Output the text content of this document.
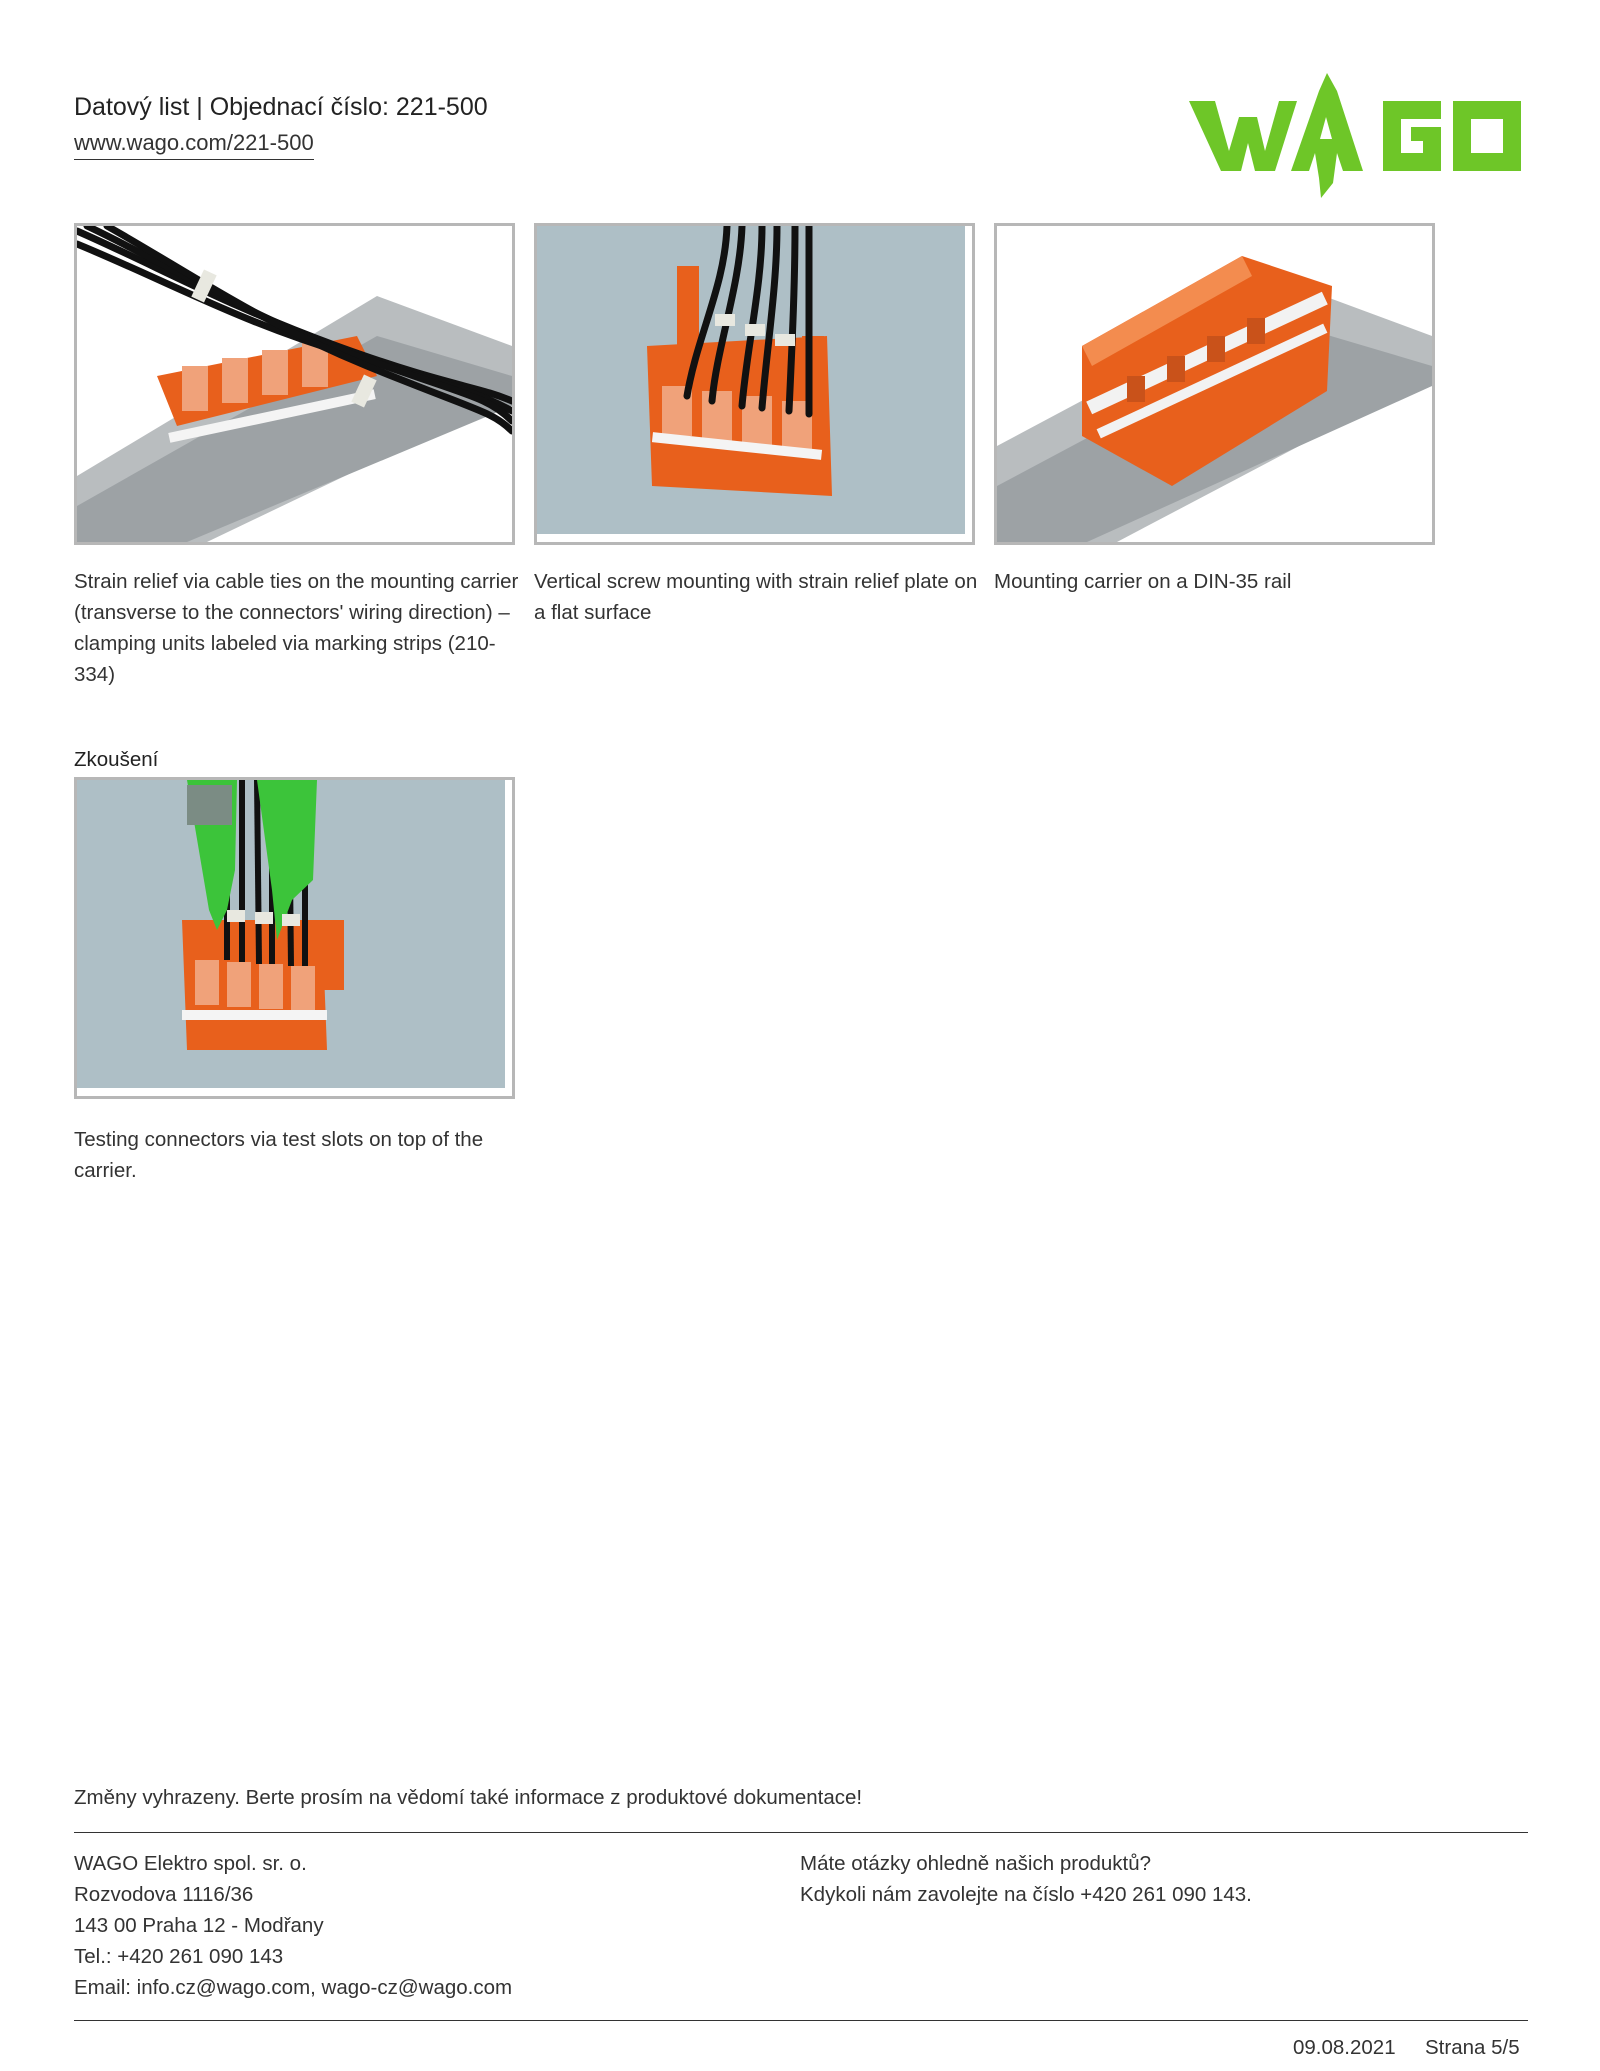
Datový list | Objednací číslo: 221-500
www.wago.com/221-500
Strain relief via cable ties on the mounting carrier (transverse to the connectors' wiring direction) – clamping units labeled via marking strips (210-334)
Vertical screw mounting with strain relief plate on a flat surface
Mounting carrier on a DIN-35 rail
Zkoušení
Testing connectors via test slots on top of the carrier.
Změny vyhrazeny. Berte prosím na vědomí také informace z produktové dokumentace!
WAGO Elektro spol. sr. o.
Rozvodova 1116/36
143 00 Praha 12 - Modřany
Tel.: +420 261 090 143
Email: info.cz@wago.com, wago-cz@wago.com
Máte otázky ohledně našich produktů?
Kdykoli nám zavolejte na číslo +420 261 090 143.
09.08.2021 Strana 5/5
